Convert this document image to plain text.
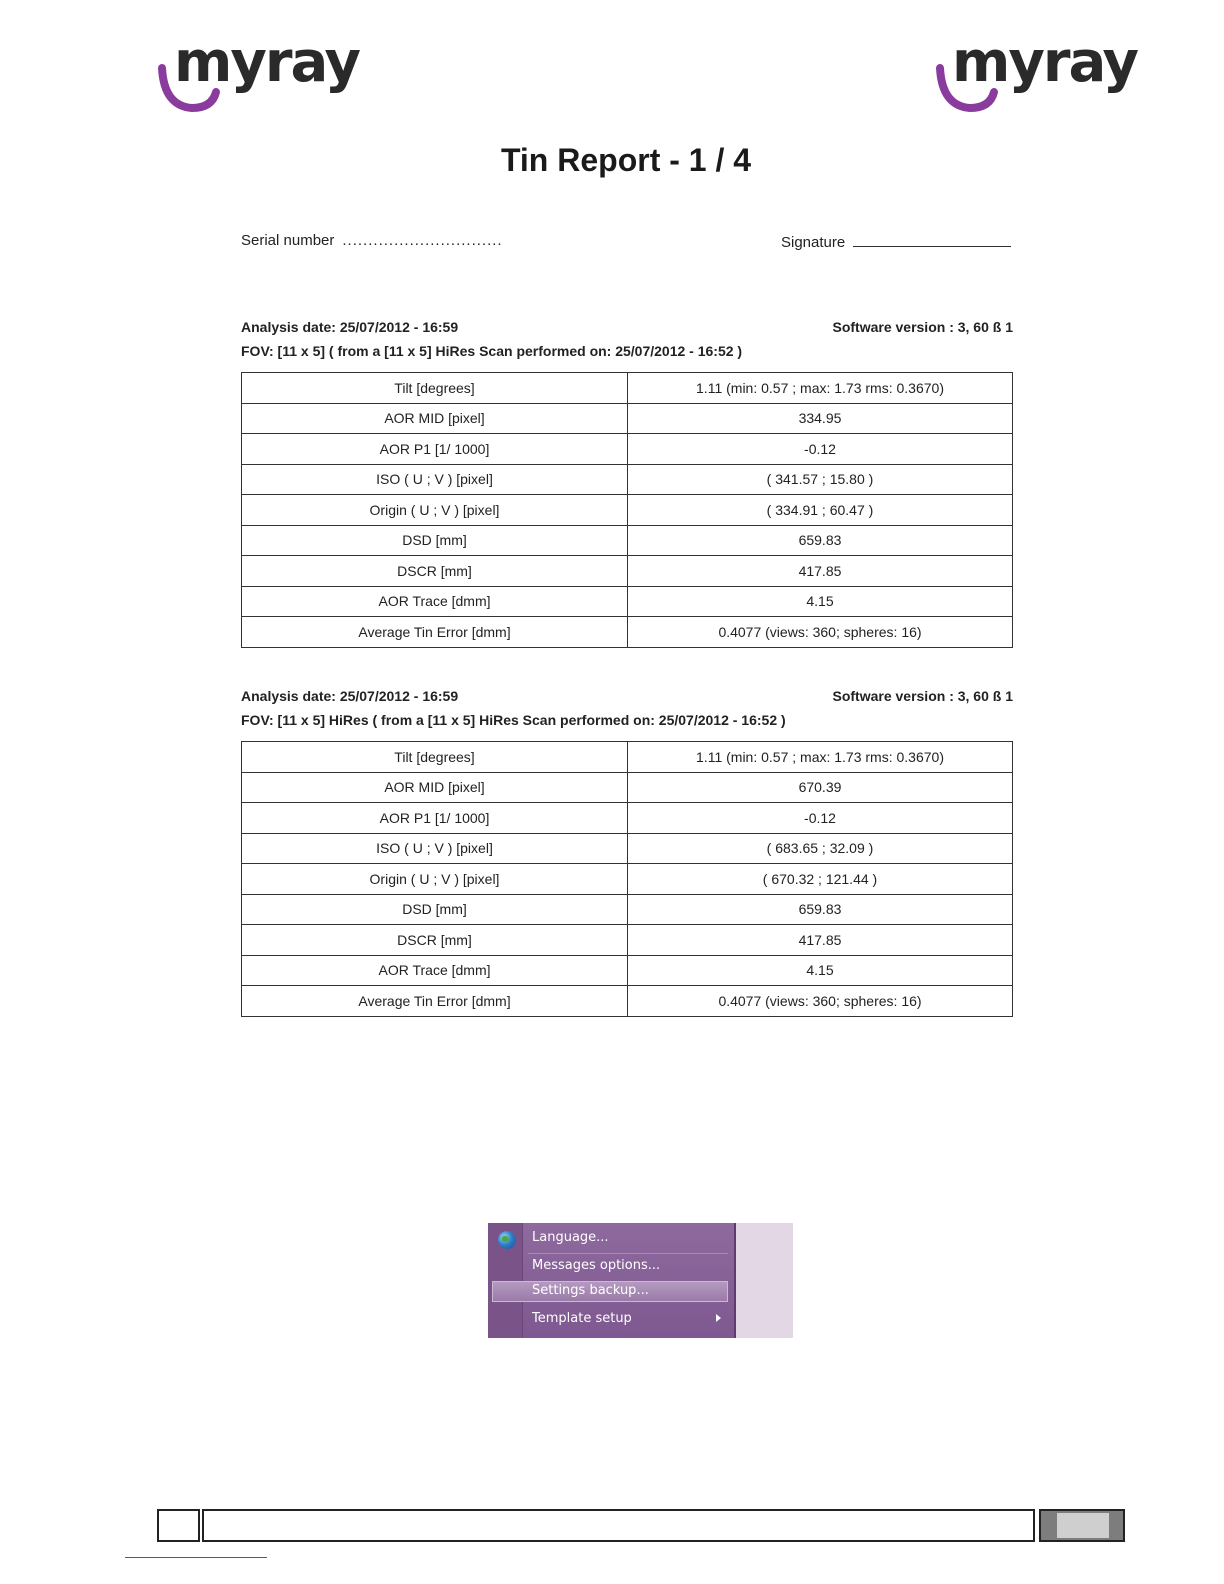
myray	myray
Tin Report - 1 / 4
Serial number ...............................	Signature
Analysis date: 25/07/2012 - 16:59	Software version : 3, 60 ß 1
FOV: [11 x 5] ( from a [11 x 5] HiRes Scan performed on: 25/07/2012 - 16:52 )
Tilt [degrees]	1.11 (min: 0.57 ; max: 1.73 rms: 0.3670)
AOR MID [pixel]	334.95
AOR P1 [1/ 1000]	-0.12
ISO ( U ; V ) [pixel]	( 341.57 ; 15.80 )
Origin ( U ; V ) [pixel]	( 334.91 ; 60.47 )
DSD [mm]	659.83
DSCR [mm]	417.85
AOR Trace [dmm]	4.15
Average Tin Error [dmm]	0.4077 (views: 360; spheres: 16)
Analysis date: 25/07/2012 - 16:59	Software version : 3, 60 ß 1
FOV: [11 x 5] HiRes ( from a [11 x 5] HiRes Scan performed on: 25/07/2012 - 16:52 )
Tilt [degrees]	1.11 (min: 0.57 ; max: 1.73 rms: 0.3670)
AOR MID [pixel]	670.39
AOR P1 [1/ 1000]	-0.12
ISO ( U ; V ) [pixel]	( 683.65 ; 32.09 )
Origin ( U ; V ) [pixel]	( 670.32 ; 121.44 )
DSD [mm]	659.83
DSCR [mm]	417.85
AOR Trace [dmm]	4.15
Average Tin Error [dmm]	0.4077 (views: 360; spheres: 16)
Language...
Messages options...
Settings backup...
Template setup
